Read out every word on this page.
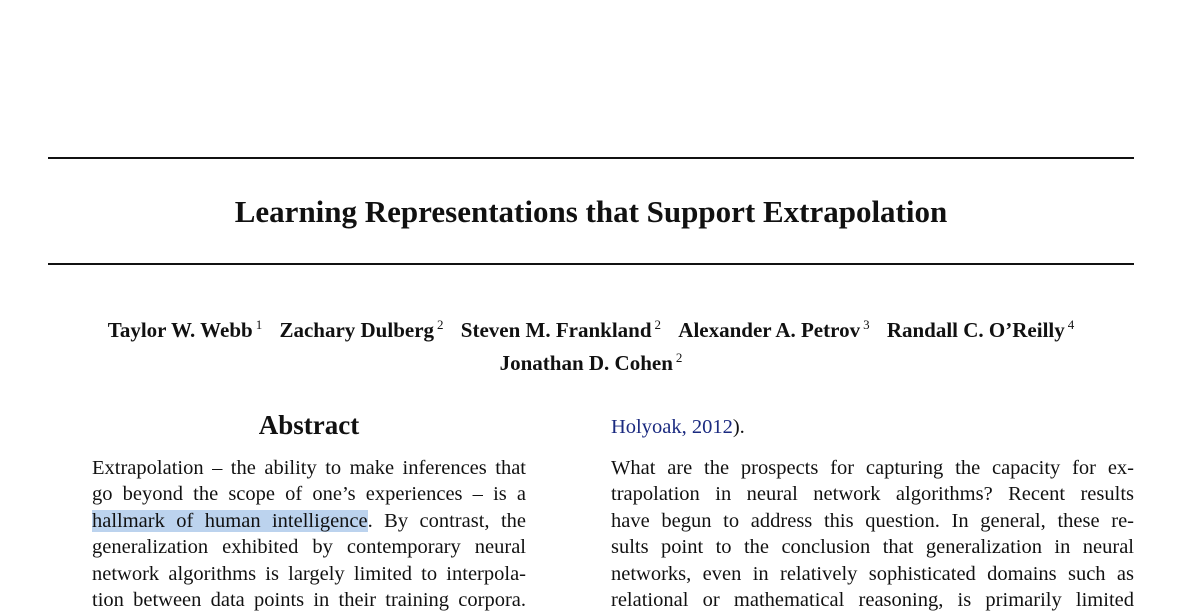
Learning Representations that Support Extrapolation
Taylor W. Webb $^1$ Zachary Dulberg $^2$ Steven M. Frankland $^2$ Alexander A. Petrov $^3$ Randall C. O’Reilly $^4$
Jonathan D. Cohen $^2$
Abstract
Extrapolation – the ability to make inferences that
go beyond the scope of one’s experiences – is a
hallmark of human intelligence. By contrast, the
generalization exhibited by contemporary neural
network algorithms is largely limited to interpola-
tion between data points in their training corpora.
Holyoak, 2012).
What are the prospects for capturing the capacity for ex-
trapolation in neural network algorithms? Recent results
have begun to address this question. In general, these re-
sults point to the conclusion that generalization in neural
networks, even in relatively sophisticated domains such as
relational or mathematical reasoning, is primarily limited
